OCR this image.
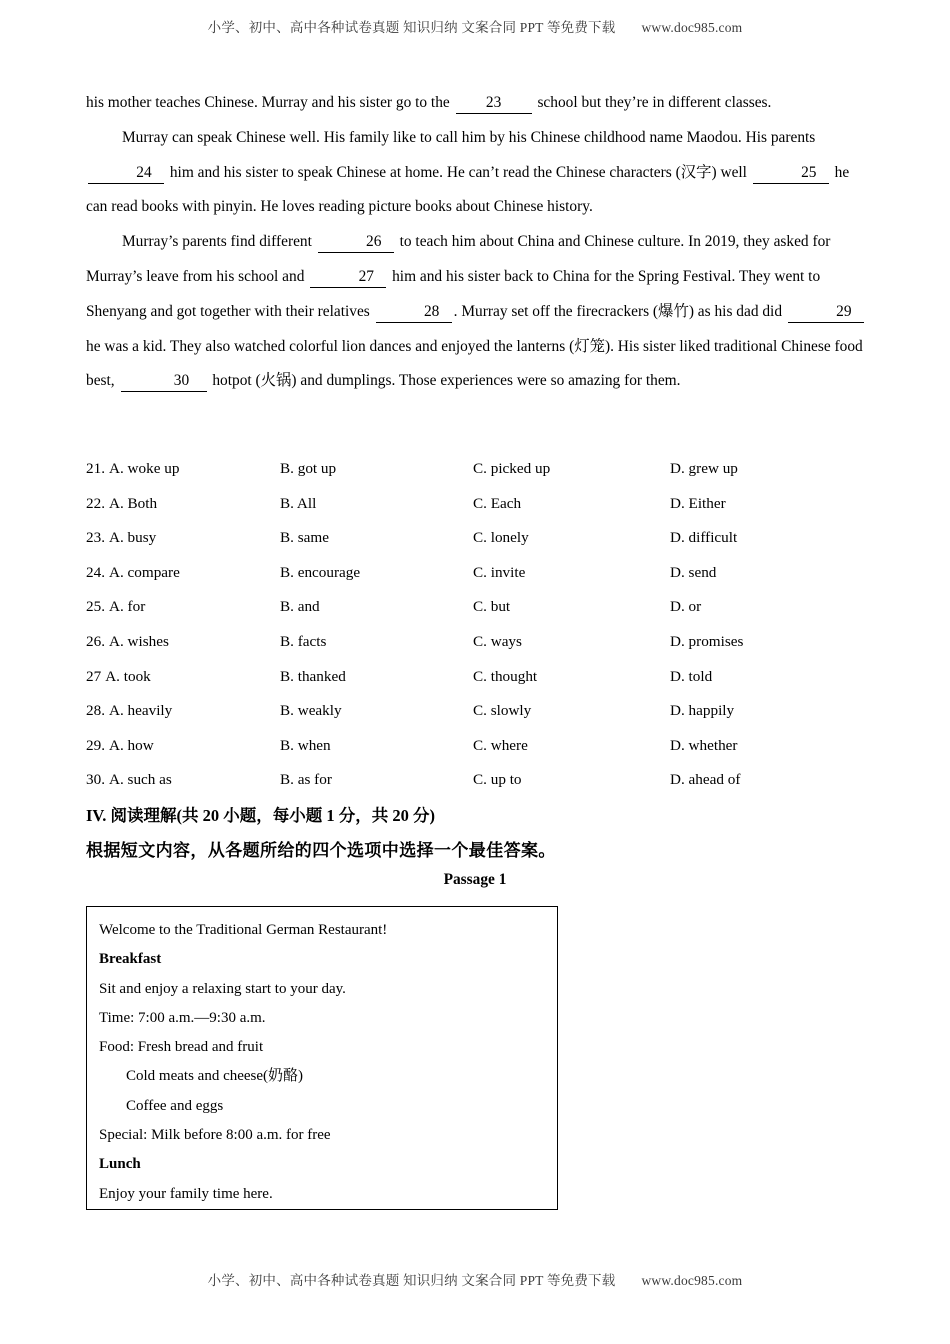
小学、初中、高中各种试卷真题 知识归纳 文案合同 PPT 等免费下载 www.doc985.com

his mother teaches Chinese. Murray and his sister go to the 23 school but they’re in different classes.

Murray can speak Chinese well. His family like to call him by his Chinese childhood name Maodou. His parents 24 him and his sister to speak Chinese at home. He can’t read the Chinese characters (汉字) well	25 he can read books with pinyin. He loves reading picture books about Chinese history.

Murray’s parents find different	26 to teach him about China and Chinese culture. In 2019, they asked for Murray’s leave from his school and	27 him and his sister back to China for the Spring Festival. They went to Shenyang and got together with their relatives	28 . Murray set off the firecrackers (爆竹) as his dad did	29 he was a kid. They also watched colorful lion dances and enjoyed the lanterns (灯笼). His sister liked traditional Chinese food best,	30 hotpot (火锅) and dumplings. Those experiences were so amazing for them.

21. A. woke up	B. got up	C. picked up	D. grew up
22. A. Both	B. All	C. Each	D. Either
23. A. busy	B. same	C. lonely	D. difficult
24. A. compare	B. encourage	C. invite	D. send
25. A. for	B. and	C. but	D. or
26. A. wishes	B. facts	C. ways	D. promises
27 A. took	B. thanked	C. thought	D. told
28. A. heavily	B. weakly	C. slowly	D. happily
29. A. how	B. when	C. where	D. whether
30. A. such as	B. as for	C. up to	D. ahead of
IV. 阅读理解(共 20 小题，每小题 1 分，共 20 分)
根据短文内容，从各题所给的四个选项中选择一个最佳答案。
Passage 1
Welcome to the Traditional German Restaurant!
Breakfast
Sit and enjoy a relaxing start to your day.
Time: 7:00 a.m.—9:30 a.m.
Food: Fresh bread and fruit
Cold meats and cheese(奶酪)
Coffee and eggs
Special: Milk before 8:00 a.m. for free
Lunch
Enjoy your family time here.
小学、初中、高中各种试卷真题 知识归纳 文案合同 PPT 等免费下载 www.doc985.com
